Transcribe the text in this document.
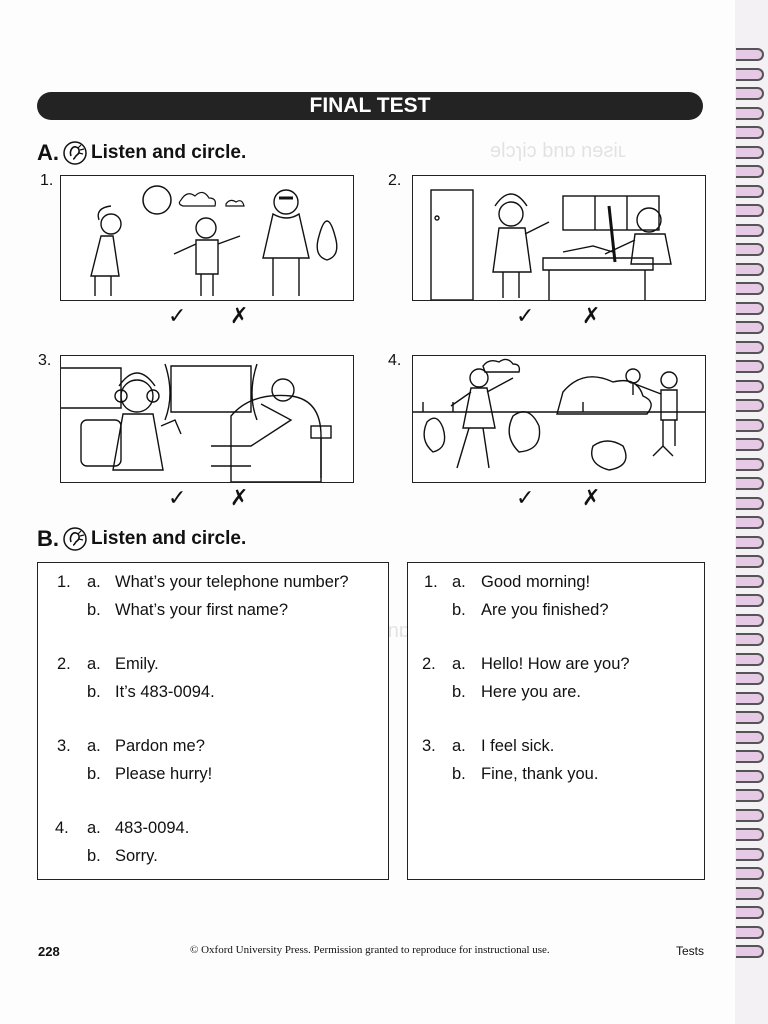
ɘlɔɿiɔ bnɒ nɘƨiʟ
FINAL TEST
A. Listen and circle.
1.
✓ ✗
2.
✓ ✗
3.
✓ ✗
4.
✓ ✗
B. Listen and circle.
1. a. What’s your telephone number?
b. What’s your first name?
2. a. Emily.
b. It’s 483-0094.
3. a. Pardon me?
b. Please hurry!
4. a. 483-0094.
b. Sorry.
1. a. Good morning!
b. Are you finished?
2. a. Hello! How are you?
b. Here you are.
3. a. I feel sick.
b. Fine, thank you.
228	© Oxford University Press. Permission granted to reproduce for instructional use.	Tests
